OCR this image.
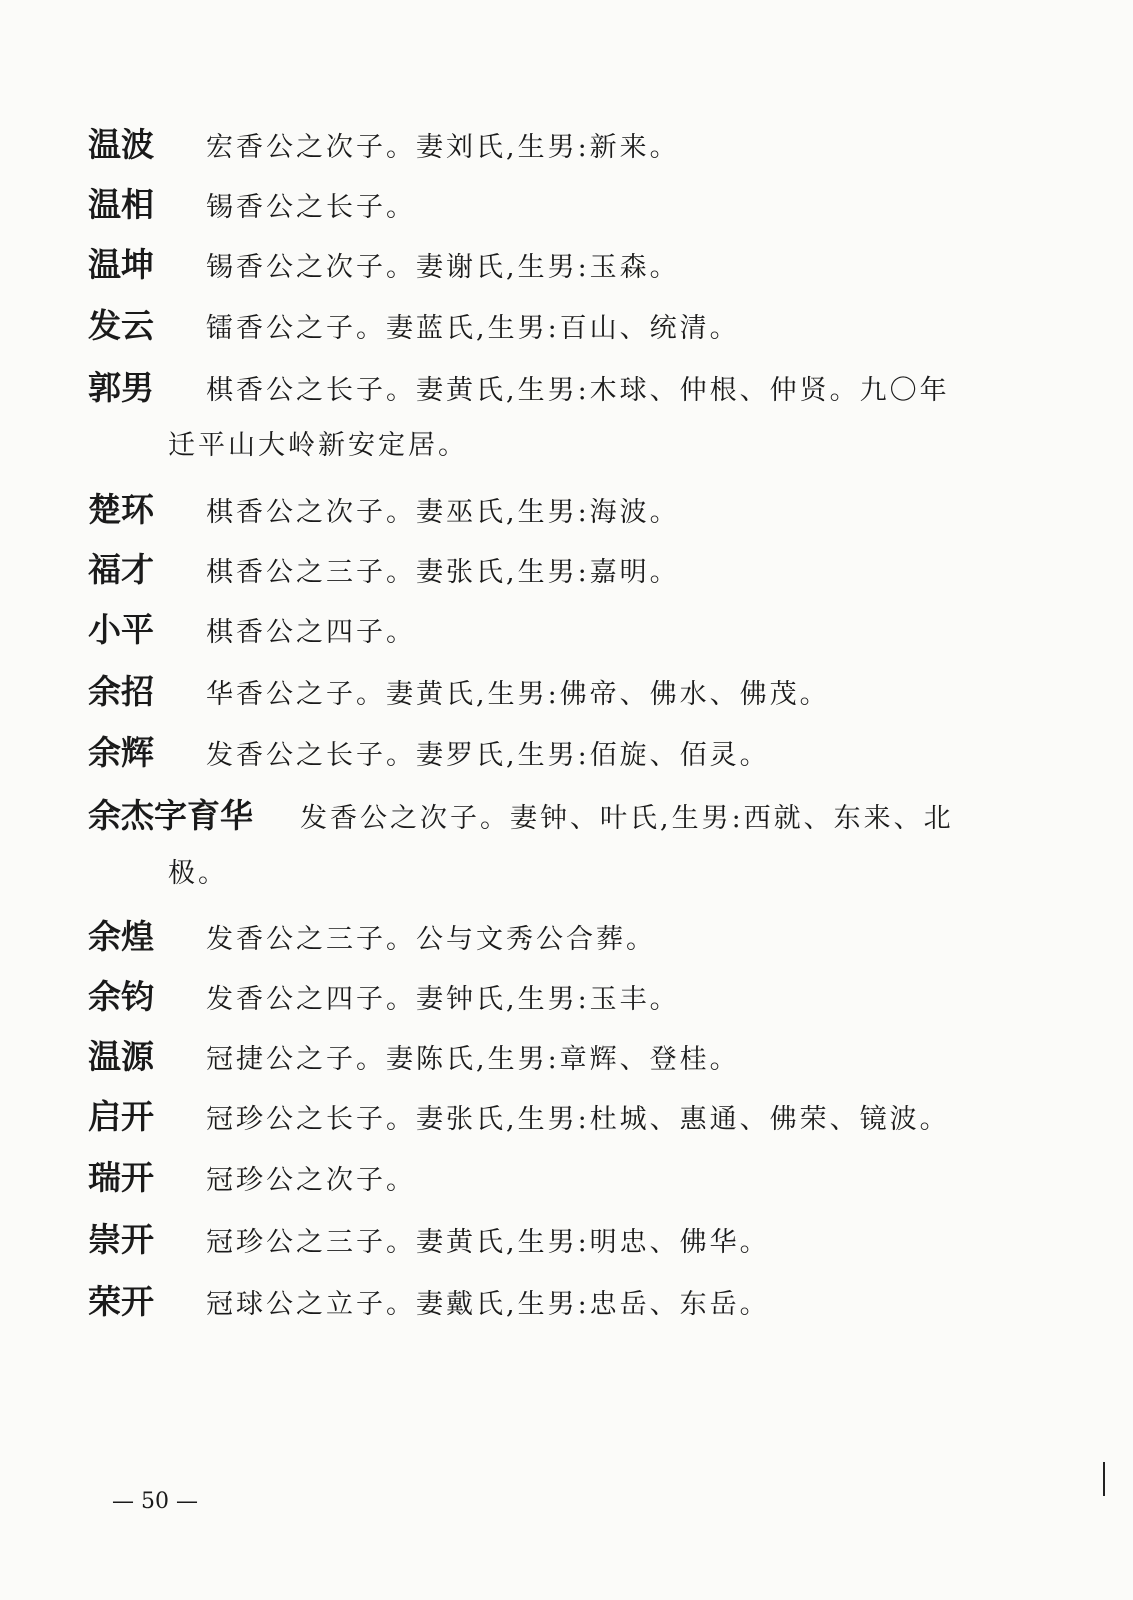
温波 宏香公之次子。妻刘氏,生男:新来。
温相 锡香公之长子。
温坤 锡香公之次子。妻谢氏,生男:玉森。
发云 镭香公之子。妻蓝氏,生男:百山、统清。
郭男 棋香公之长子。妻黄氏,生男:木球、仲根、仲贤。九〇年
迁平山大岭新安定居。
楚环 棋香公之次子。妻巫氏,生男:海波。
福才 棋香公之三子。妻张氏,生男:嘉明。
小平 棋香公之四子。
余招 华香公之子。妻黄氏,生男:佛帝、佛水、佛茂。
余辉 发香公之长子。妻罗氏,生男:佰旋、佰灵。
余杰字育华 发香公之次子。妻钟、叶氏,生男:西就、东来、北
极。
余煌 发香公之三子。公与文秀公合葬。
余钧 发香公之四子。妻钟氏,生男:玉丰。
温源 冠捷公之子。妻陈氏,生男:章辉、登桂。
启开 冠珍公之长子。妻张氏,生男:杜城、惠通、佛荣、镜波。
瑞开 冠珍公之次子。
崇开 冠珍公之三子。妻黄氏,生男:明忠、佛华。
荣开 冠球公之立子。妻戴氏,生男:忠岳、东岳。
— 50 —
